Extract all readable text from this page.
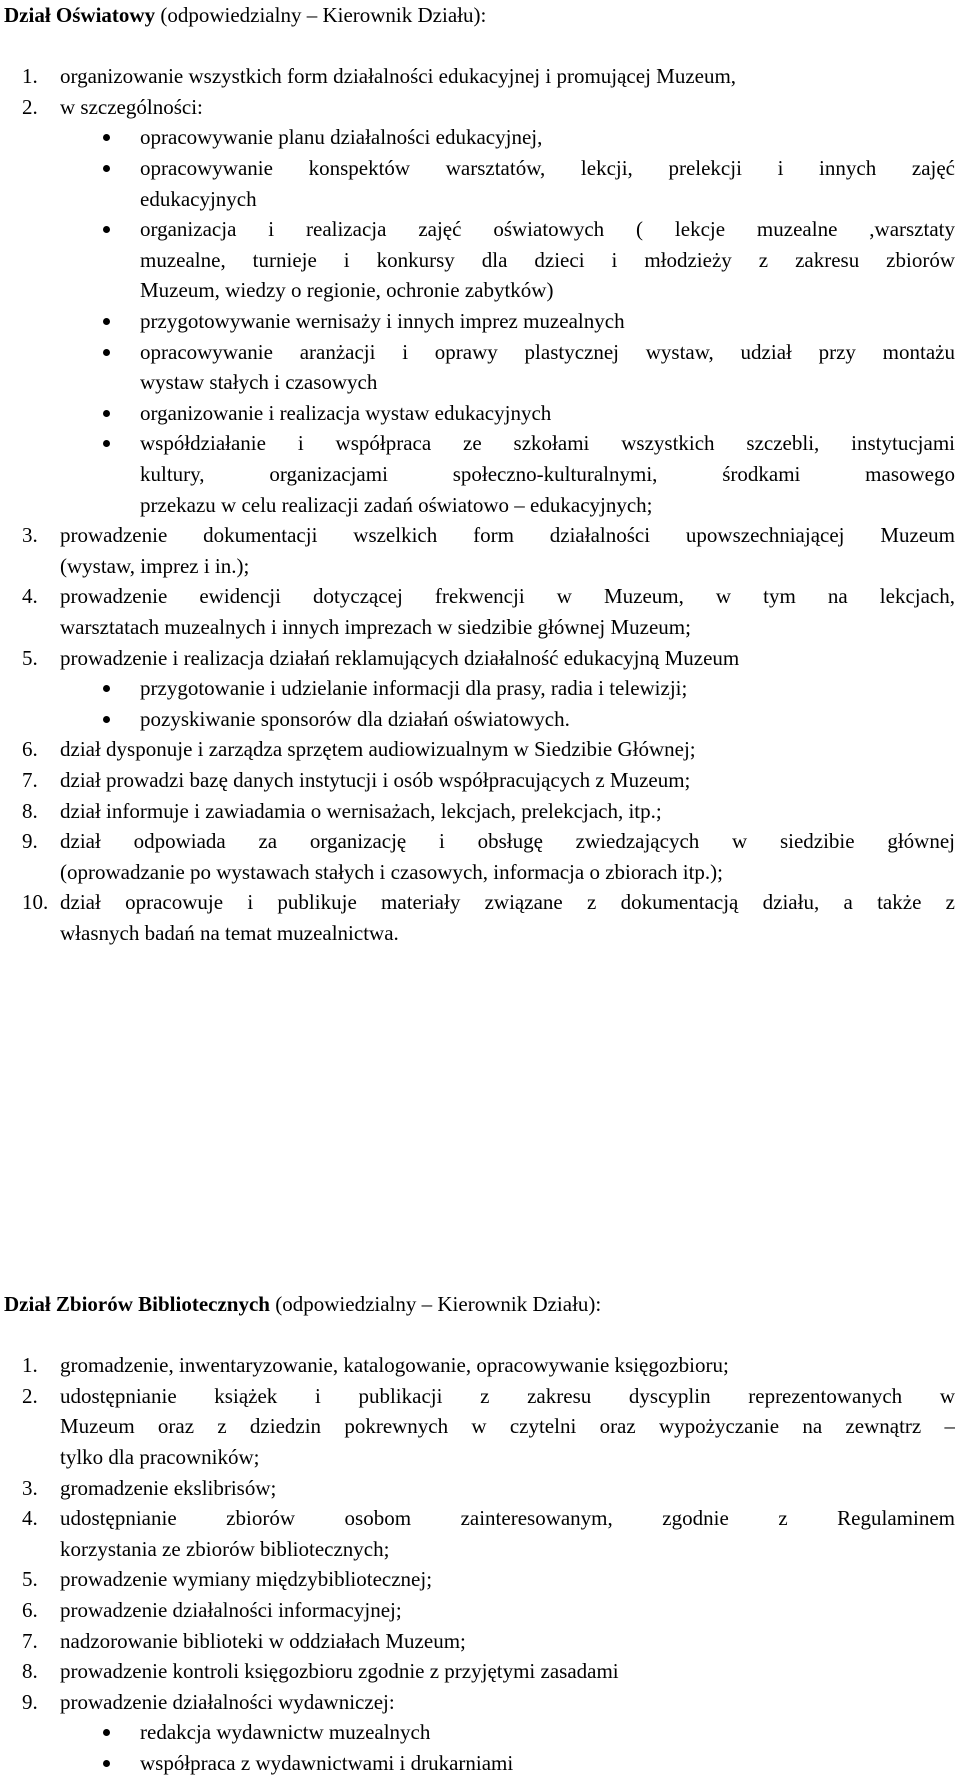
Dział Oświatowy (odpowiedzialny – Kierownik Działu):

1. organizowanie wszystkich form działalności edukacyjnej i promującej Muzeum,

2. w szczególności:

opracowywanie planu działalności edukacyjnej,

opracowywanie konspektów warsztatów, lekcji, prelekcji i innych zajęć

edukacyjnych

organizacja i realizacja zajęć oświatowych ( lekcje muzealne ,warsztaty

muzealne, turnieje i konkursy dla dzieci i młodzieży z zakresu zbiorów

Muzeum, wiedzy o regionie, ochronie zabytków)

przygotowywanie wernisaży i innych imprez muzealnych

opracowywanie aranżacji i oprawy plastycznej wystaw, udział przy montażu

wystaw stałych i czasowych

organizowanie i realizacja wystaw edukacyjnych

współdziałanie i współpraca ze szkołami wszystkich szczebli, instytucjami

kultury, organizacjami społeczno-kulturalnymi, środkami masowego

przekazu w celu realizacji zadań oświatowo – edukacyjnych;

3. prowadzenie dokumentacji wszelkich form działalności upowszechniającej Muzeum

(wystaw, imprez i in.);

4. prowadzenie ewidencji dotyczącej frekwencji w Muzeum, w tym na lekcjach,

warsztatach muzealnych i innych imprezach w siedzibie głównej Muzeum;

5. prowadzenie i realizacja działań reklamujących działalność edukacyjną Muzeum

przygotowanie i udzielanie informacji dla prasy, radia i telewizji;

pozyskiwanie sponsorów dla działań oświatowych.

6. dział dysponuje i zarządza sprzętem audiowizualnym w Siedzibie Głównej;

7. dział prowadzi bazę danych instytucji i osób współpracujących z Muzeum;

8. dział informuje i zawiadamia o wernisażach, lekcjach, prelekcjach, itp.;

9. dział odpowiada za organizację i obsługę zwiedzających w siedzibie głównej

(oprowadzanie po wystawach stałych i czasowych, informacja o zbiorach itp.);

10. dział opracowuje i publikuje materiały związane z dokumentacją działu, a także z

własnych badań na temat muzealnictwa.

Dział Zbiorów Bibliotecznych (odpowiedzialny – Kierownik Działu):

1. gromadzenie, inwentaryzowanie, katalogowanie, opracowywanie księgozbioru;

2. udostępnianie książek i publikacji z zakresu dyscyplin reprezentowanych w

Muzeum oraz z dziedzin pokrewnych w czytelni oraz wypożyczanie na zewnątrz –

tylko dla pracowników;

3. gromadzenie ekslibrisów;

4. udostępnianie zbiorów osobom zainteresowanym, zgodnie z Regulaminem

korzystania ze zbiorów bibliotecznych;

5. prowadzenie wymiany międzybibliotecznej;

6. prowadzenie działalności informacyjnej;

7. nadzorowanie biblioteki w oddziałach Muzeum;

8. prowadzenie kontroli księgozbioru zgodnie z przyjętymi zasadami

9. prowadzenie działalności wydawniczej:

redakcja wydawnictw muzealnych

współpraca z wydawnictwami i drukarniami
